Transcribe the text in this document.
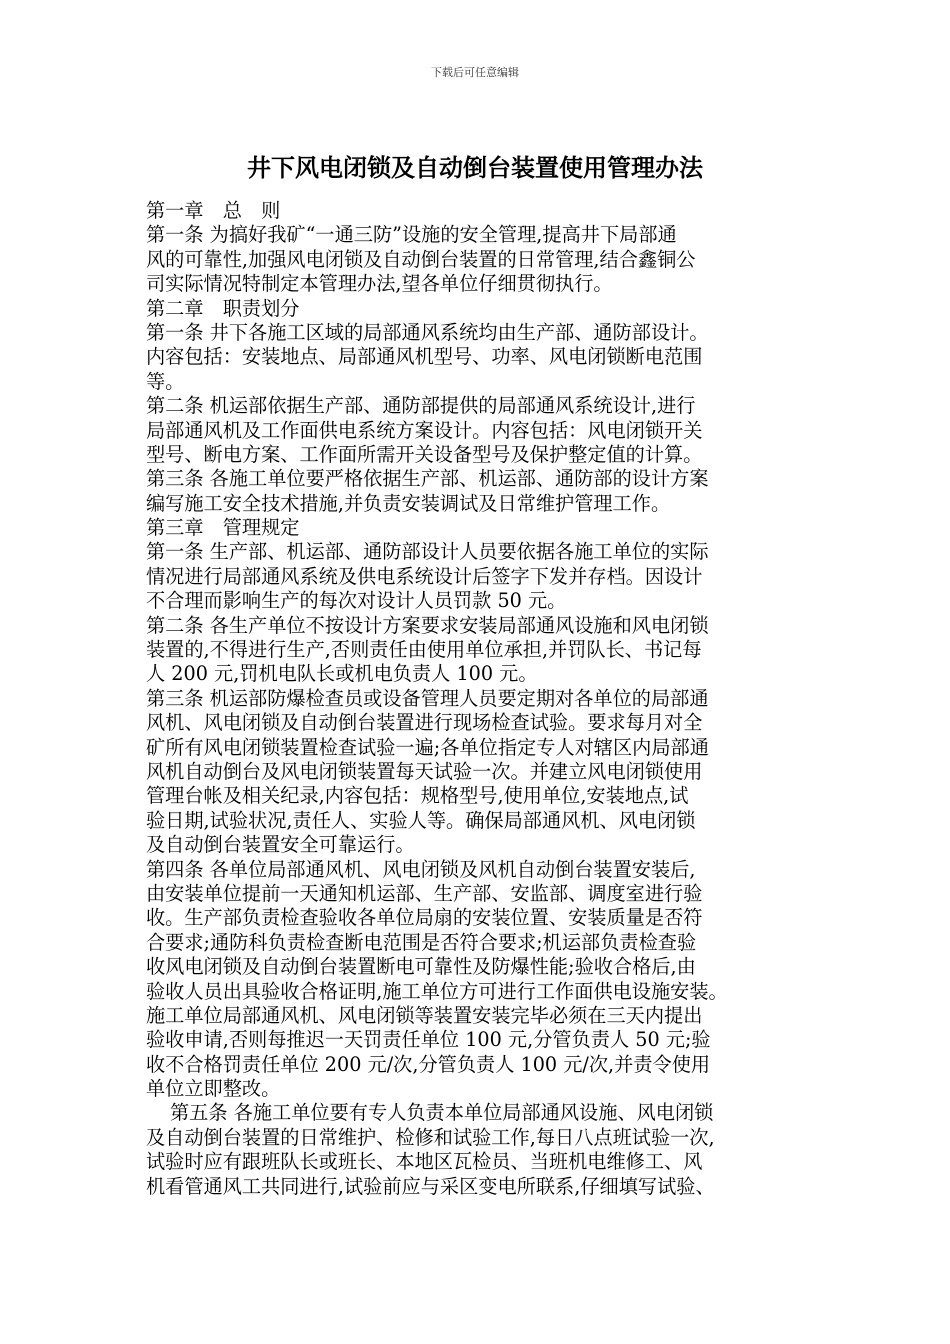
下载后可任意编辑
井下风电闭锁及自动倒台装置使用管理办法
第一章　总　则
第一条 为搞好我矿“一通三防”设施的安全管理,提高井下局部通
风的可靠性,加强风电闭锁及自动倒台装置的日常管理,结合鑫铜公
司实际情况特制定本管理办法,望各单位仔细贯彻执行。
第二章　职责划分
第一条 井下各施工区域的局部通风系统均由生产部、通防部设计。
内容包括：安装地点、局部通风机型号、功率、风电闭锁断电范围
等。
第二条 机运部依据生产部、通防部提供的局部通风系统设计,进行
局部通风机及工作面供电系统方案设计。内容包括：风电闭锁开关
型号、断电方案、工作面所需开关设备型号及保护整定值的计算。
第三条 各施工单位要严格依据生产部、机运部、通防部的设计方案
编写施工安全技术措施,并负责安装调试及日常维护管理工作。
第三章　管理规定
第一条 生产部、机运部、通防部设计人员要依据各施工单位的实际
情况进行局部通风系统及供电系统设计后签字下发并存档。因设计
不合理而影响生产的每次对设计人员罚款 50 元。
第二条 各生产单位不按设计方案要求安装局部通风设施和风电闭锁
装置的,不得进行生产,否则责任由使用单位承担,并罚队长、书记每
人 200 元,罚机电队长或机电负责人 100 元。
第三条 机运部防爆检查员或设备管理人员要定期对各单位的局部通
风机、风电闭锁及自动倒台装置进行现场检查试验。要求每月对全
矿所有风电闭锁装置检查试验一遍;各单位指定专人对辖区内局部通
风机自动倒台及风电闭锁装置每天试验一次。并建立风电闭锁使用
管理台帐及相关纪录,内容包括：规格型号,使用单位,安装地点,试
验日期,试验状况,责任人、实验人等。确保局部通风机、风电闭锁
及自动倒台装置安全可靠运行。
第四条 各单位局部通风机、风电闭锁及风机自动倒台装置安装后,
由安装单位提前一天通知机运部、生产部、安监部、调度室进行验
收。生产部负责检查验收各单位局扇的安装位置、安装质量是否符
合要求;通防科负责检查断电范围是否符合要求;机运部负责检查验
收风电闭锁及自动倒台装置断电可靠性及防爆性能;验收合格后,由
验收人员出具验收合格证明,施工单位方可进行工作面供电设施安装。
施工单位局部通风机、风电闭锁等装置安装完毕必须在三天内提出
验收申请,否则每推迟一天罚责任单位 100 元,分管负责人 50 元;验
收不合格罚责任单位 200 元/次,分管负责人 100 元/次,并责令使用
单位立即整改。
第五条 各施工单位要有专人负责本单位局部通风设施、风电闭锁
及自动倒台装置的日常维护、检修和试验工作,每日八点班试验一次,
试验时应有跟班队长或班长、本地区瓦检员、当班机电维修工、风
机看管通风工共同进行,试验前应与采区变电所联系,仔细填写试验、
